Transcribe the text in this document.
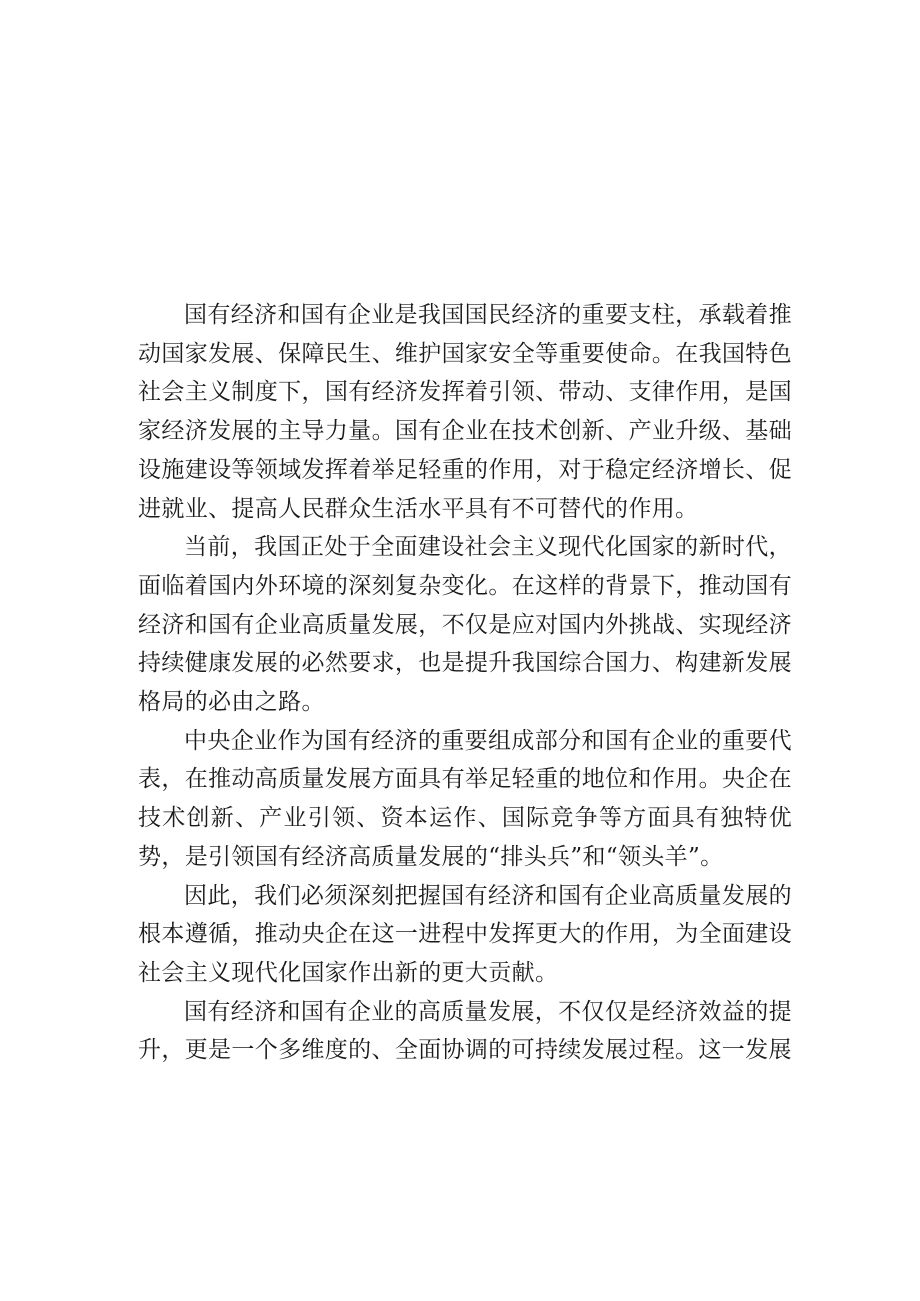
国有经济和国有企业是我国国民经济的重要支柱，承载着推动国家发展、保障民生、维护国家安全等重要使命。在我国特色社会主义制度下，国有经济发挥着引领、带动、支律作用，是国家经济发展的主导力量。国有企业在技术创新、产业升级、基础设施建设等领域发挥着举足轻重的作用，对于稳定经济增长、促进就业、提高人民群众生活水平具有不可替代的作用。

当前，我国正处于全面建设社会主义现代化国家的新时代，面临着国内外环境的深刻复杂变化。在这样的背景下，推动国有经济和国有企业高质量发展，不仅是应对国内外挑战、实现经济持续健康发展的必然要求，也是提升我国综合国力、构建新发展格局的必由之路。

中央企业作为国有经济的重要组成部分和国有企业的重要代表，在推动高质量发展方面具有举足轻重的地位和作用。央企在技术创新、产业引领、资本运作、国际竞争等方面具有独特优势，是引领国有经济高质量发展的“排头兵”和“领头羊”。

因此，我们必须深刻把握国有经济和国有企业高质量发展的根本遵循，推动央企在这一进程中发挥更大的作用，为全面建设社会主义现代化国家作出新的更大贡献。

国有经济和国有企业的高质量发展，不仅仅是经济效益的提升，更是一个多维度的、全面协调的可持续发展过程。这一发展
